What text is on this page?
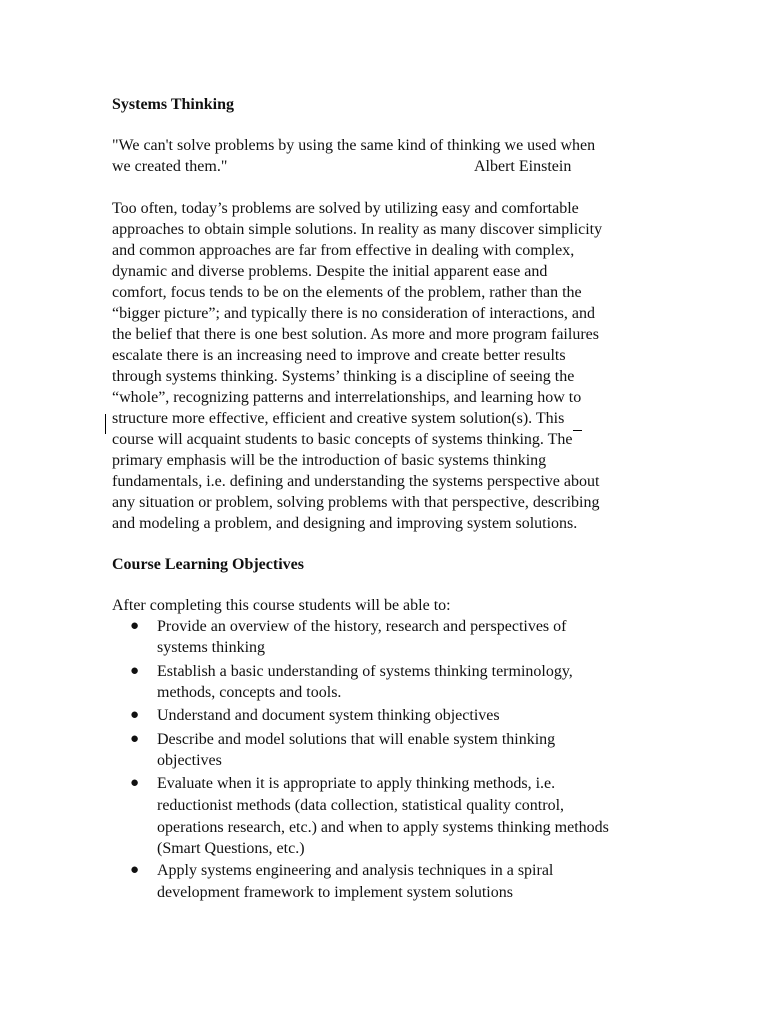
Systems Thinking
"We can't solve problems by using the same kind of thinking we used when
we created them."	Albert Einstein
Too often, today’s problems are solved by utilizing easy and comfortable
approaches to obtain simple solutions. In reality as many discover simplicity
and common approaches are far from effective in dealing with complex,
dynamic and diverse problems. Despite the initial apparent ease and
comfort, focus tends to be on the elements of the problem, rather than the
“bigger picture”; and typically there is no consideration of interactions, and
the belief that there is one best solution. As more and more program failures
escalate there is an increasing need to improve and create better results
through systems thinking. Systems’ thinking is a discipline of seeing the
“whole”, recognizing patterns and interrelationships, and learning how to
structure more effective, efficient and creative system solution(s). This
course will acquaint students to basic concepts of systems thinking. The
primary emphasis will be the introduction of basic systems thinking
fundamentals, i.e. defining and understanding the systems perspective about
any situation or problem, solving problems with that perspective, describing
and modeling a problem, and designing and improving system solutions.
Course Learning Objectives
After completing this course students will be able to:
● Provide an overview of the history, research and perspectives of
systems thinking
● Establish a basic understanding of systems thinking terminology,
methods, concepts and tools.
● Understand and document system thinking objectives
● Describe and model solutions that will enable system thinking
objectives
● Evaluate when it is appropriate to apply thinking methods, i.e.
reductionist methods (data collection, statistical quality control,
operations research, etc.) and when to apply systems thinking methods
(Smart Questions, etc.)
● Apply systems engineering and analysis techniques in a spiral
development framework to implement system solutions
